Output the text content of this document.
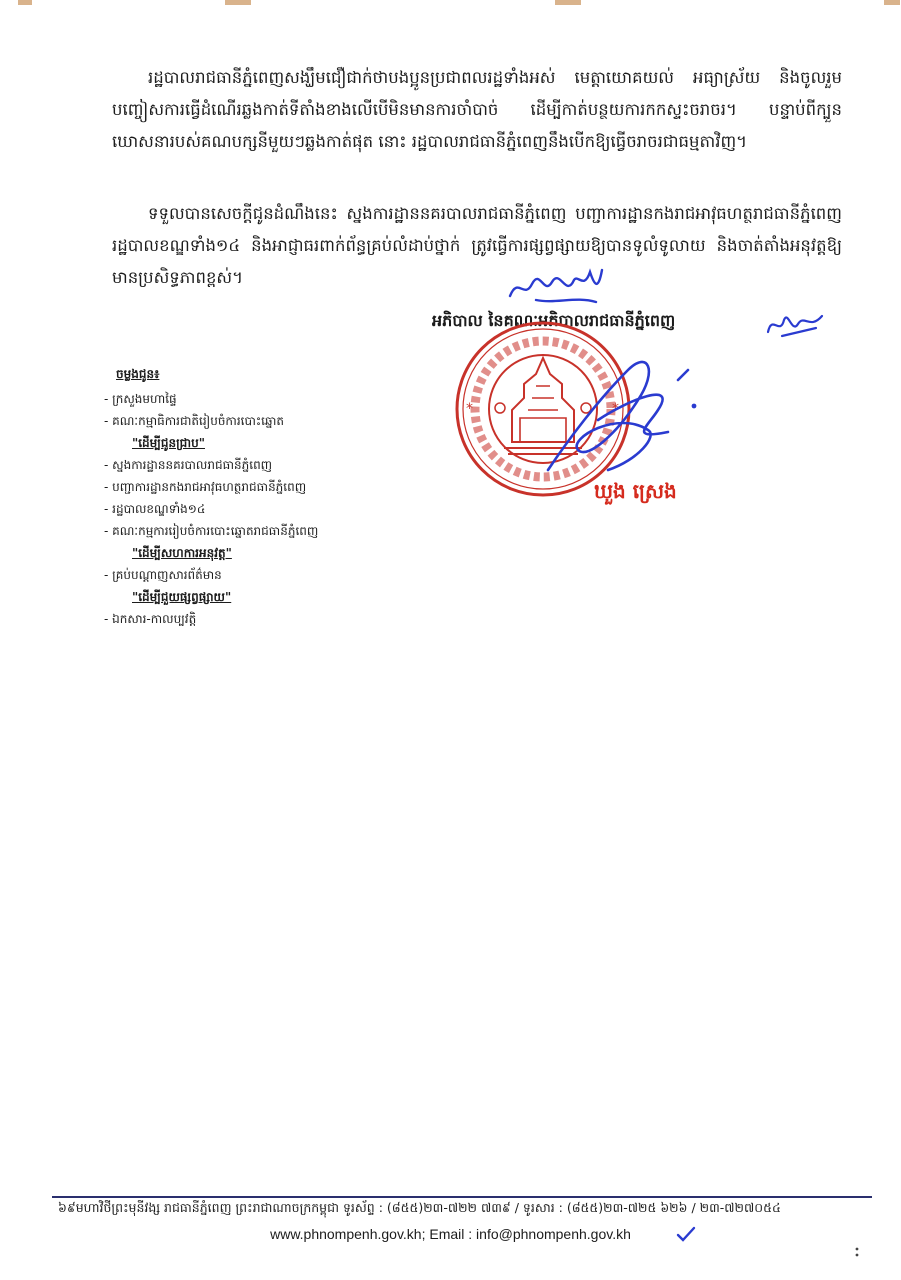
រដ្ឋបាលរាជធានីភ្នំពេញសង្ឃឹមជឿជាក់ថាបងប្អូនប្រជាពលរដ្ឋទាំងអស់ មេត្តាយោគយល់ អធ្យាស្រ័យ និងចូលរួមបញ្ចៀសការធ្វើដំណើរឆ្លងកាត់ទីតាំងខាងលើបើមិនមានការចាំបាច់ ដើម្បីកាត់បន្ថយការកកស្ទះចរាចរ។ បន្ទាប់ពីក្បួនឃោសនារបស់គណបក្សនីមួយៗឆ្លងកាត់ផុត នោះ រដ្ឋបាលរាជធានីភ្នំពេញនឹងបើកឱ្យធ្វើចរាចរជាធម្មតាវិញ។

ទទួលបានសេចក្តីជូនដំណឹងនេះ ស្នងការដ្ឋាននគរបាលរាជធានីភ្នំពេញ បញ្ជាការដ្ឋានកងរាជអាវុធហត្ថរាជធានីភ្នំពេញ រដ្ឋបាលខណ្ឌទាំង១៤ និងអាជ្ញាធរពាក់ព័ន្ធគ្រប់លំដាប់ថ្នាក់ ត្រូវធ្វើការផ្សព្វផ្សាយឱ្យបានទូលំទូលាយ និងចាត់តាំងអនុវត្តឱ្យមានប្រសិទ្ធភាពខ្ពស់។

អភិបាល នៃគណៈអភិបាលរាជធានីភ្នំពេញ
*	*
ឃួង ស្រេង
ចម្លងជូន៖
- ក្រសួងមហាផ្ទៃ
- គណៈកម្មាធិការជាតិរៀបចំការបោះឆ្នោត
"ដើម្បីជូនជ្រាប"
- ស្នងការដ្ឋាននគរបាលរាជធានីភ្នំពេញ
- បញ្ជាការដ្ឋានកងរាជអាវុធហត្ថរាជធានីភ្នំពេញ
- រដ្ឋបាលខណ្ឌទាំង១៤
- គណៈកម្មការរៀបចំការបោះឆ្នោតរាជធានីភ្នំពេញ
"ដើម្បីសហការអនុវត្ត"
- គ្រប់បណ្តាញសារព័ត៌មាន
"ដើម្បីជួយផ្សព្វផ្សាយ"
- ឯកសារ-កាលប្បវត្តិ
៦៩មហាវិថីព្រះមុនីវង្ស រាជធានីភ្នំពេញ ព្រះរាជាណាចក្រកម្ពុជា ទូរស័ព្ទ : (៨៥៥)២៣-៧២២ ៧៣៩ / ទូរសារ : (៨៥៥)២៣-៧២៥ ៦២៦ / ២៣-៧២៧០៥៤
www.phnompenh.gov.kh; Email : info@phnompenh.gov.kh
